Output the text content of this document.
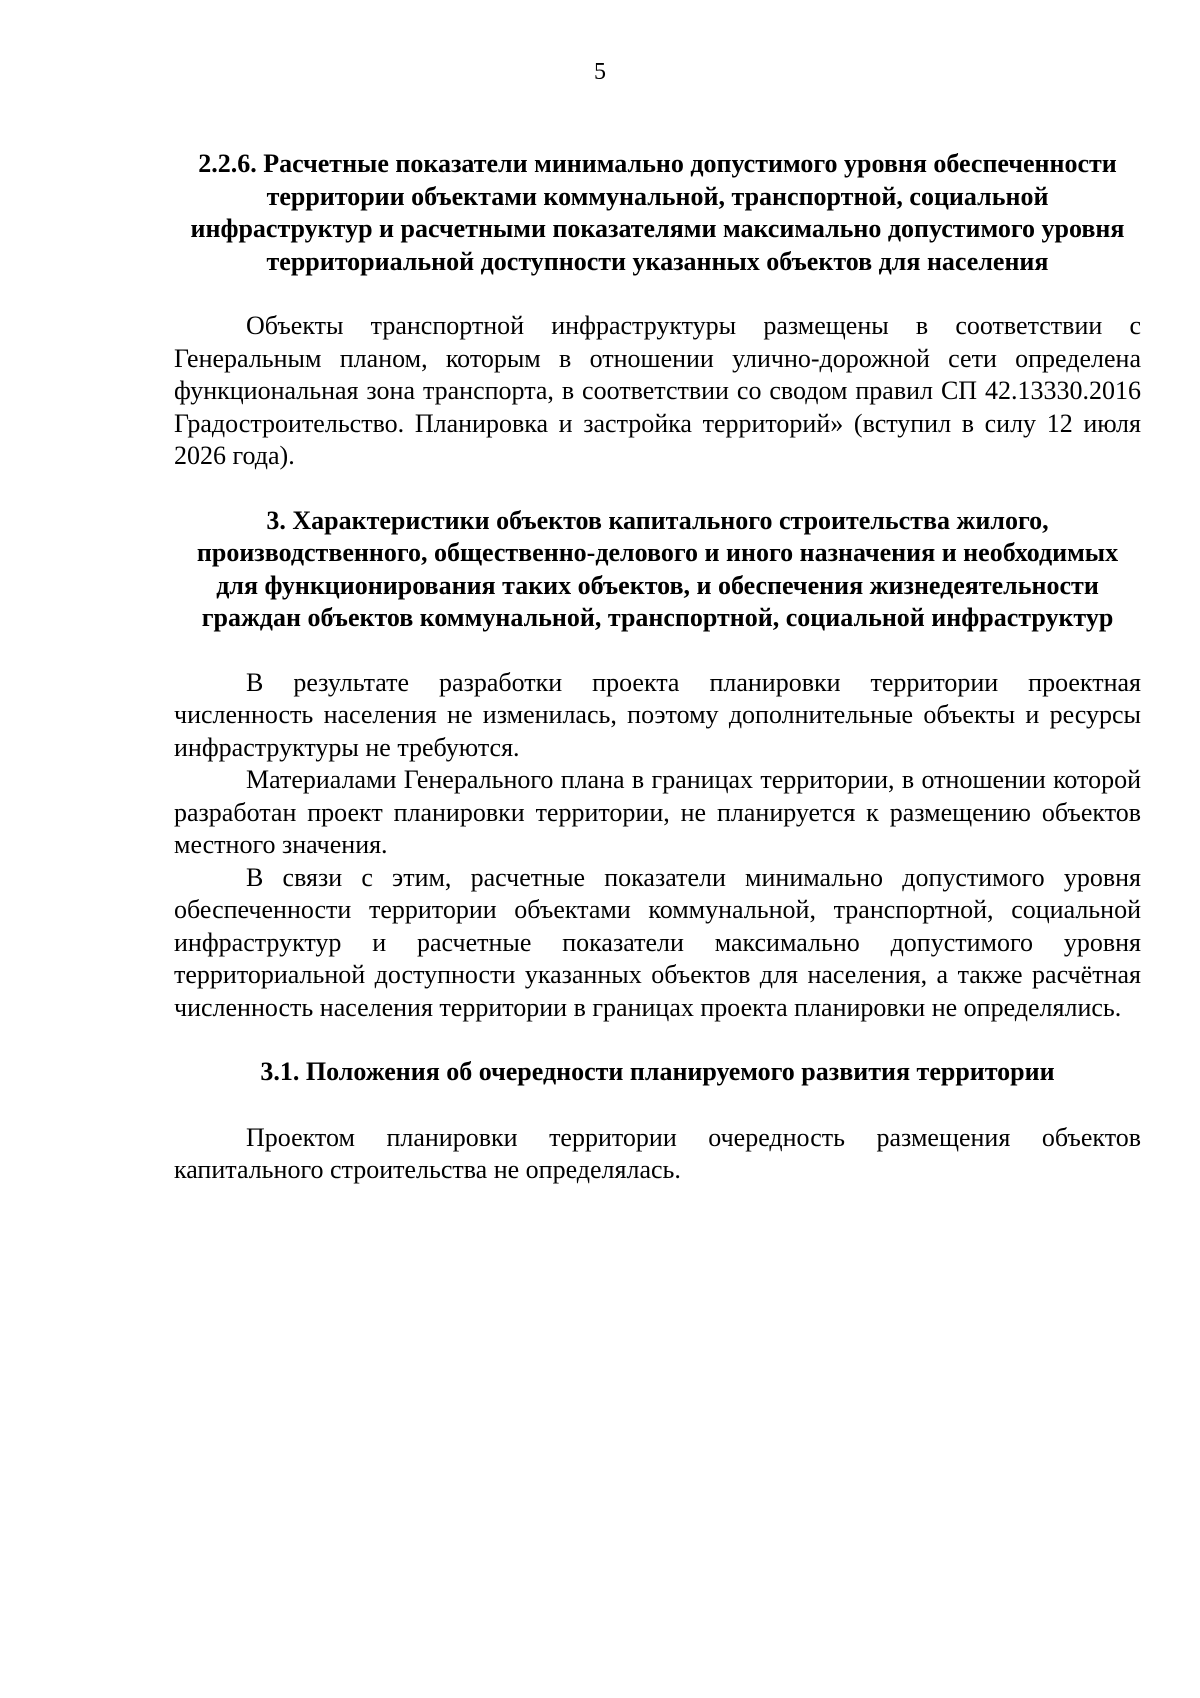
5

2.2.6. Расчетные показатели минимально допустимого уровня обеспеченности территории объектами коммунальной, транспортной, социальной инфраструктур и расчетными показателями максимально допустимого уровня территориальной доступности указанных объектов для населения

Объекты транспортной инфраструктуры размещены в соответствии с Генеральным планом, которым в отношении улично-дорожной сети определена функциональная зона транспорта, в соответствии со сводом правил СП 42.13330.2016 Градостроительство. Планировка и застройка территорий» (вступил в силу 12 июля 2026 года).

3. Характеристики объектов капитального строительства жилого, производственного, общественно-делового и иного назначения и необходимых для функционирования таких объектов, и обеспечения жизнедеятельности граждан объектов коммунальной, транспортной, социальной инфраструктур

В результате разработки проекта планировки территории проектная численность населения не изменилась, поэтому дополнительные объекты и ресурсы инфраструктуры не требуются.

Материалами Генерального плана в границах территории, в отношении которой разработан проект планировки территории, не планируется к размещению объектов местного значения.

В связи с этим, расчетные показатели минимально допустимого уровня обеспеченности территории объектами коммунальной, транспортной, социальной инфраструктур и расчетные показатели максимально допустимого уровня территориальной доступности указанных объектов для населения, а также расчётная численность населения территории в границах проекта планировки не определялись.

3.1. Положения об очередности планируемого развития территории

Проектом планировки территории очередность размещения объектов капитального строительства не определялась.
